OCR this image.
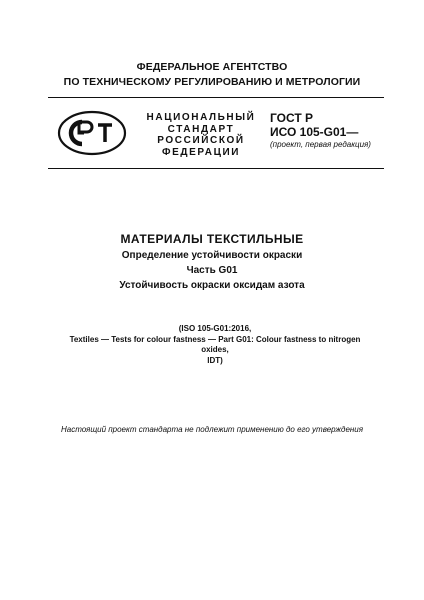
ФЕДЕРАЛЬНОЕ АГЕНТСТВО
ПО ТЕХНИЧЕСКОМУ РЕГУЛИРОВАНИЮ И МЕТРОЛОГИИ
РСТ
НАЦИОНАЛЬНЫЙ
СТАНДАРТ
РОССИЙСКОЙ
ФЕДЕРАЦИИ
ГОСТ Р
ИСО 105-G01—
(проект, первая редакция)
МАТЕРИАЛЫ ТЕКСТИЛЬНЫЕ
Определение устойчивости окраски
Часть G01
Устойчивость окраски оксидам азота
(ISO 105-G01:2016,
Textiles — Tests for colour fastness — Part G01: Colour fastness to nitrogen oxides,
IDT)
Настоящий проект стандарта не подлежит применению до его утверждения
